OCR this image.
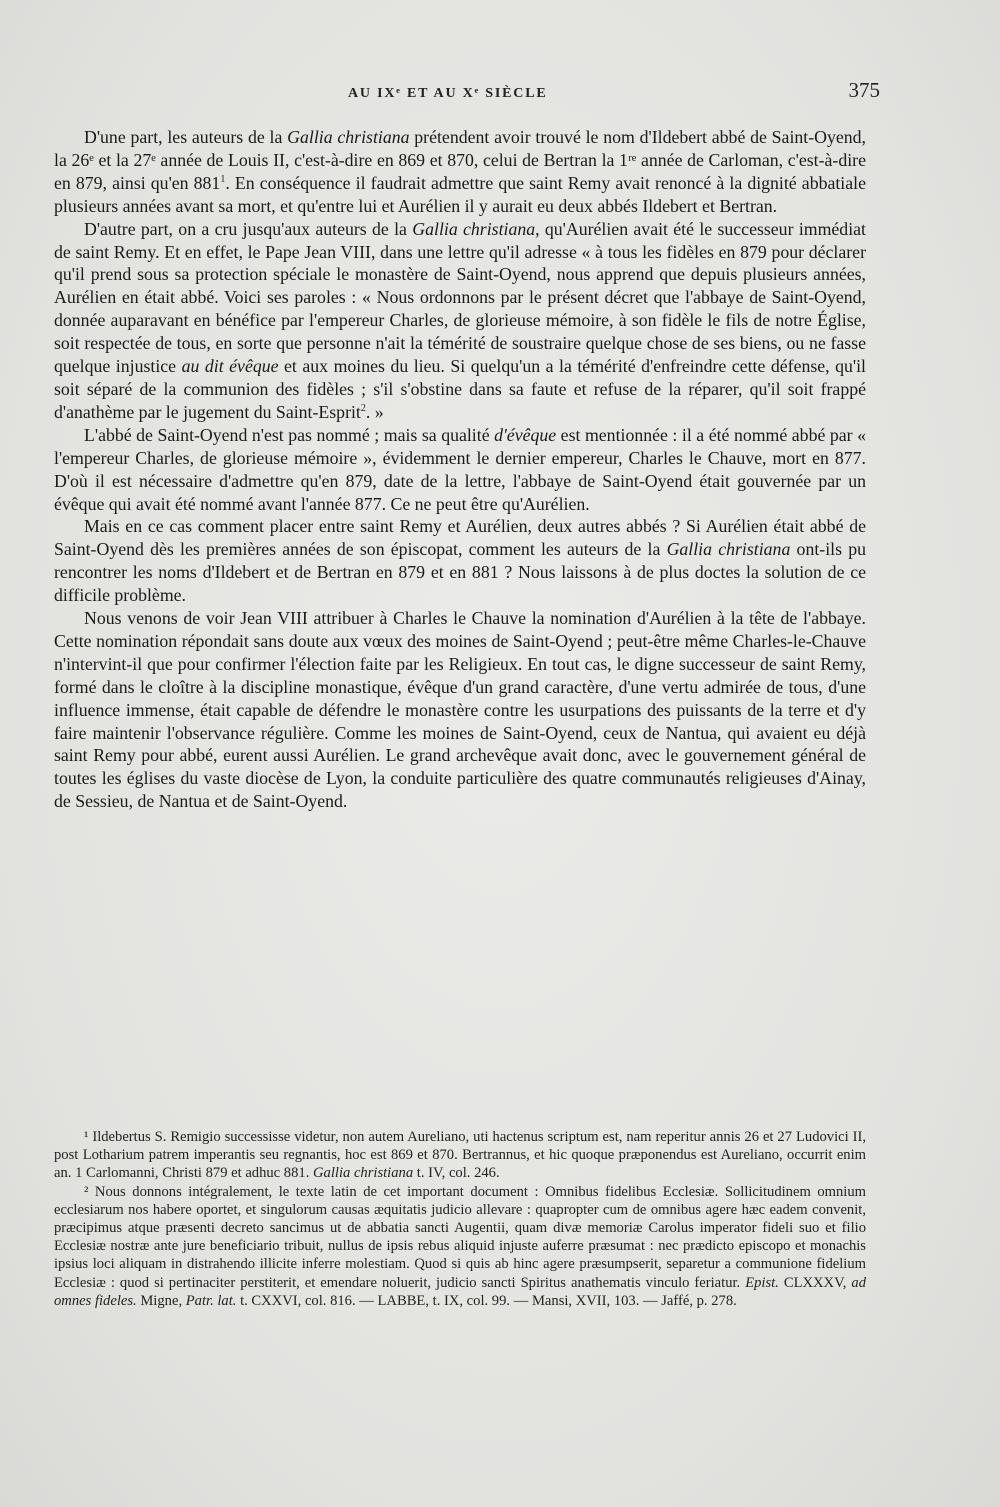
AU IXᵉ ET AU Xᵉ SIÈCLE	375

D'une part, les auteurs de la Gallia christiana prétendent avoir trouvé le nom d'Ildebert abbé de Saint-Oyend, la 26ᵉ et la 27ᵉ année de Louis II, c'est-à-dire en 869 et 870, celui de Bertran la 1ʳᵉ année de Carloman, c'est-à-dire en 879, ainsi qu'en $881^1$. En conséquence il faudrait admettre que saint Remy avait renoncé à la dignité abbatiale plusieurs années avant sa mort, et qu'entre lui et Aurélien il y aurait eu deux abbés Ildebert et Bertran.

D'autre part, on a cru jusqu'aux auteurs de la Gallia christiana, qu'Aurélien avait été le successeur immédiat de saint Remy. Et en effet, le Pape Jean VIII, dans une lettre qu'il adresse « à tous les fidèles en 879 pour déclarer qu'il prend sous sa protection spéciale le monastère de Saint-Oyend, nous apprend que depuis plusieurs années, Aurélien en était abbé. Voici ses paroles : « Nous ordonnons par le présent décret que l'abbaye de Saint-Oyend, donnée auparavant en bénéfice par l'empereur Charles, de glorieuse mémoire, à son fidèle le fils de notre Église, soit respectée de tous, en sorte que personne n'ait la témérité de soustraire quelque chose de ses biens, ou ne fasse quelque injustice au dit évêque et aux moines du lieu. Si quelqu'un a la témérité d'enfreindre cette défense, qu'il soit séparé de la communion des fidèles ; s'il s'obstine dans sa faute et refuse de la réparer, qu'il soit frappé d'anathème par le jugement du Saint-Esprit$^2$. »

L'abbé de Saint-Oyend n'est pas nommé ; mais sa qualité d'évêque est mentionnée : il a été nommé abbé par « l'empereur Charles, de glorieuse mémoire », évidemment le dernier empereur, Charles le Chauve, mort en 877. D'où il est nécessaire d'admettre qu'en 879, date de la lettre, l'abbaye de Saint-Oyend était gouvernée par un évêque qui avait été nommé avant l'année 877. Ce ne peut être qu'Aurélien.

Mais en ce cas comment placer entre saint Remy et Aurélien, deux autres abbés ? Si Aurélien était abbé de Saint-Oyend dès les premières années de son épiscopat, comment les auteurs de la Gallia christiana ont-ils pu rencontrer les noms d'Ildebert et de Bertran en 879 et en 881 ? Nous laissons à de plus doctes la solution de ce difficile problème.

Nous venons de voir Jean VIII attribuer à Charles le Chauve la nomination d'Aurélien à la tête de l'abbaye. Cette nomination répondait sans doute aux vœux des moines de Saint-Oyend ; peut-être même Charles-le-Chauve n'intervint-il que pour confirmer l'élection faite par les Religieux. En tout cas, le digne successeur de saint Remy, formé dans le cloître à la discipline monastique, évêque d'un grand caractère, d'une vertu admirée de tous, d'une influence immense, était capable de défendre le monastère contre les usurpations des puissants de la terre et d'y faire maintenir l'observance régulière. Comme les moines de Saint-Oyend, ceux de Nantua, qui avaient eu déjà saint Remy pour abbé, eurent aussi Aurélien. Le grand archevêque avait donc, avec le gouvernement général de toutes les églises du vaste diocèse de Lyon, la conduite particulière des quatre communautés religieuses d'Ainay, de Sessieu, de Nantua et de Saint-Oyend.

¹ Ildebertus S. Remigio successisse videtur, non autem Aureliano, uti hactenus scriptum est, nam reperitur annis 26 et 27 Ludovici II, post Lotharium patrem imperantis seu regnantis, hoc est 869 et 870. Bertrannus, et hic quoque præponendus est Aureliano, occurrit enim an. 1 Carlomanni, Christi 879 et adhuc 881. Gallia christiana t. IV, col. 246.

² Nous donnons intégralement, le texte latin de cet important document : Omnibus fidelibus Ecclesiæ. Sollicitudinem omnium ecclesiarum nos habere oportet, et singulorum causas æquitatis judicio allevare : quapropter cum de omnibus agere hæc eadem convenit, præcipimus atque præsenti decreto sancimus ut de abbatia sancti Augentii, quam divæ memoriæ Carolus imperator fideli suo et filio Ecclesiæ nostræ ante jure beneficiario tribuit, nullus de ipsis rebus aliquid injuste auferre præsumat : nec prædicto episcopo et monachis ipsius loci aliquam in distrahendo illicite inferre molestiam. Quod si quis ab hinc agere præsumpserit, separetur a communione fidelium Ecclesiæ : quod si pertinaciter perstiterit, et emendare noluerit, judicio sancti Spiritus anathematis vinculo feriatur. Epist. CLXXXV, ad omnes fideles. Migne, Patr. lat. t. CXXVI, col. 816. — LABBE, t. IX, col. 99. — Mansi, XVII, 103. — Jaffé, p. 278.
